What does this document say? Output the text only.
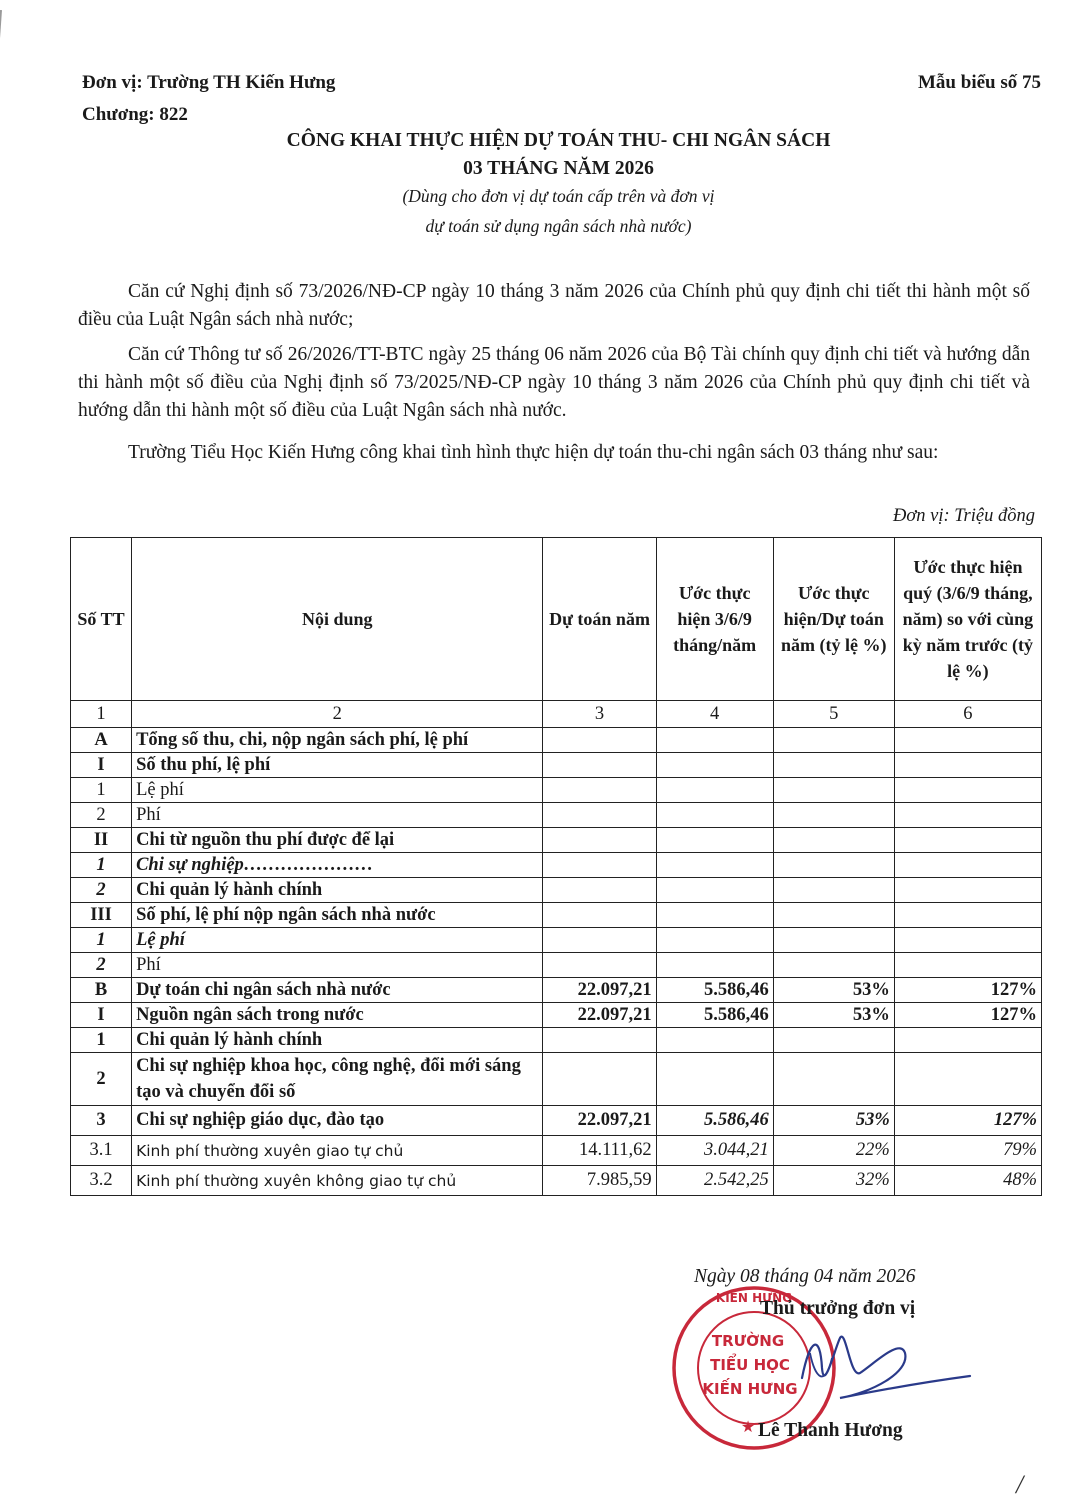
Đơn vị: Trường TH Kiến Hưng
Chương: 822
Mẫu biểu số 75
CÔNG KHAI THỰC HIỆN DỰ TOÁN THU- CHI NGÂN SÁCH
03 THÁNG NĂM 2026
(Dùng cho đơn vị dự toán cấp trên và đơn vị
dự toán sử dụng ngân sách nhà nước)
Căn cứ Nghị định số 73/2026/NĐ-CP ngày 10 tháng 3 năm 2026 của Chính phủ quy định chi tiết thi hành một số điều của Luật Ngân sách nhà nước;
Căn cứ Thông tư số 26/2026/TT-BTC ngày 25 tháng 06 năm 2026 của Bộ Tài chính quy định chi tiết và hướng dẫn thi hành một số điều của Nghị định số 73/2025/NĐ-CP ngày 10 tháng 3 năm 2026 của Chính phủ quy định chi tiết và hướng dẫn thi hành một số điều của Luật Ngân sách nhà nước.
Trường Tiểu Học Kiến Hưng công khai tình hình thực hiện dự toán thu-chi ngân sách 03 tháng như sau:
Đơn vị: Triệu đồng
Số TT	Nội dung	Dự toán năm	Ước thực hiện 3/6/9 tháng/năm	Ước thực hiện/Dự toán năm (tỷ lệ %)	Ước thực hiện quý (3/6/9 tháng, năm) so với cùng kỳ năm trước (tỷ lệ %)
1	2	3	4	5	6
A	Tổng số thu, chi, nộp ngân sách phí, lệ phí				
I	Số thu phí, lệ phí				
1	Lệ phí				
2	Phí				
II	Chi từ nguồn thu phí được để lại				
1	Chi sự nghiệp…………………				
2	Chi quản lý hành chính				
III	Số phí, lệ phí nộp ngân sách nhà nước				
1	Lệ phí				
2	Phí				
B	Dự toán chi ngân sách nhà nước	22.097,21	5.586,46	53%	127%
I	Nguồn ngân sách trong nước	22.097,21	5.586,46	53%	127%
1	Chi quản lý hành chính				
2	Chi sự nghiệp khoa học, công nghệ, đổi mới sáng tạo và chuyển đổi số				
3	Chi sự nghiệp giáo dục, đào tạo	22.097,21	5.586,46	53%	127%
3.1	Kinh phí thường xuyên giao tự chủ	14.111,62	3.044,21	22%	79%
3.2	Kinh phí thường xuyên không giao tự chủ	7.985,59	2.542,25	32%	48%
Ngày 08 tháng 04 năm 2026
TRƯỜNG
TIỂU HỌC
KIẾN HƯNG
KIẾN HƯNG
★
Thủ trưởng đơn vị
Lê Thanh Hương
/
